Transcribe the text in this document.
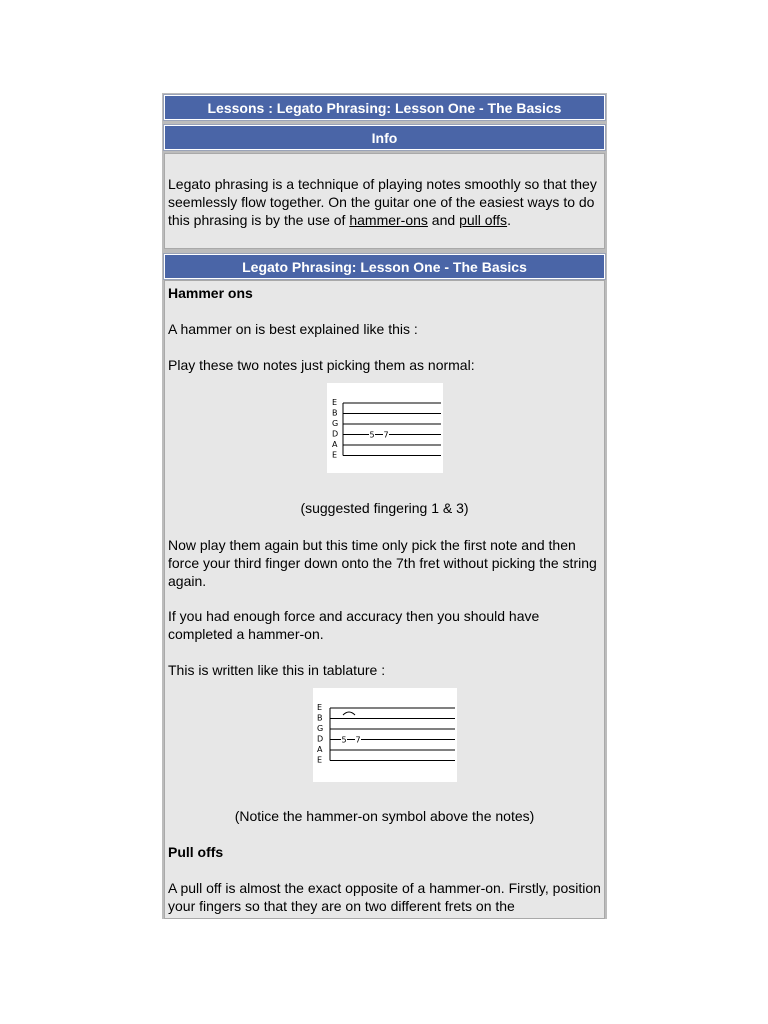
Lessons : Legato Phrasing: Lesson One - The Basics
Info

Legato phrasing is a technique of playing notes smoothly so that they seemlessly flow together. On the guitar one of the easiest ways to do this phrasing is by the use of hammer-ons and pull offs.

Legato Phrasing: Lesson One - The Basics

Hammer ons

A hammer on is best explained like this :

Play these two notes just picking them as normal:

E
B
G
D
A
E
5 7

(suggested fingering 1 & 3)

Now play them again but this time only pick the first note and then force your third finger down onto the 7th fret without picking the string again.

If you had enough force and accuracy then you should have completed a hammer-on.

This is written like this in tablature :

E
B
G
D
A
E
5 7

(Notice the hammer-on symbol above the notes)

Pull offs

A pull off is almost the exact opposite of a hammer-on. Firstly, position your fingers so that they are on two different frets on the
